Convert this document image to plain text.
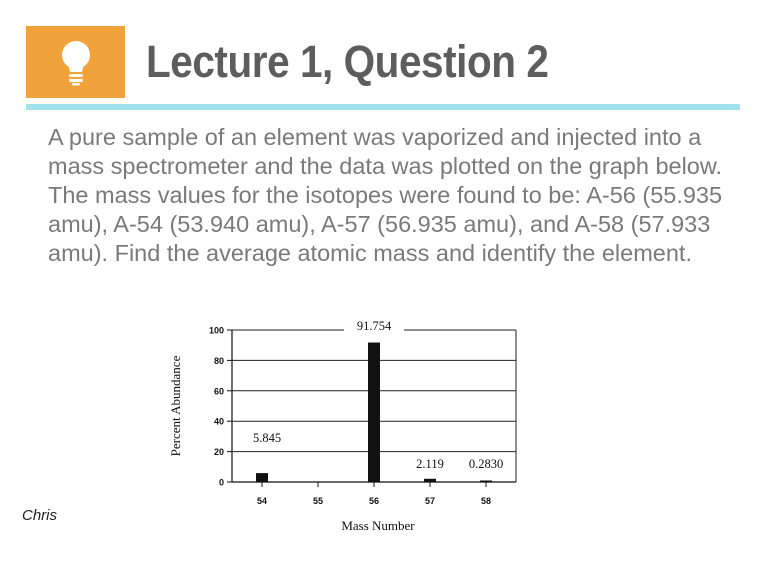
Lecture 1, Question 2
A pure sample of an element was vaporized and injected into a mass spectrometer and the data was plotted on the graph below. The mass values for the isotopes were found to be: A-56 (55.935 amu), A-54 (53.940 amu), A-57 (56.935 amu), and A-58 (57.933 amu). Find the average atomic mass and identify the element.
0
20
40
60
80
100
54	55	56	57	58
5.845
91.754
2.119 0.2830
Mass Number
Percent Abundance
Chris
